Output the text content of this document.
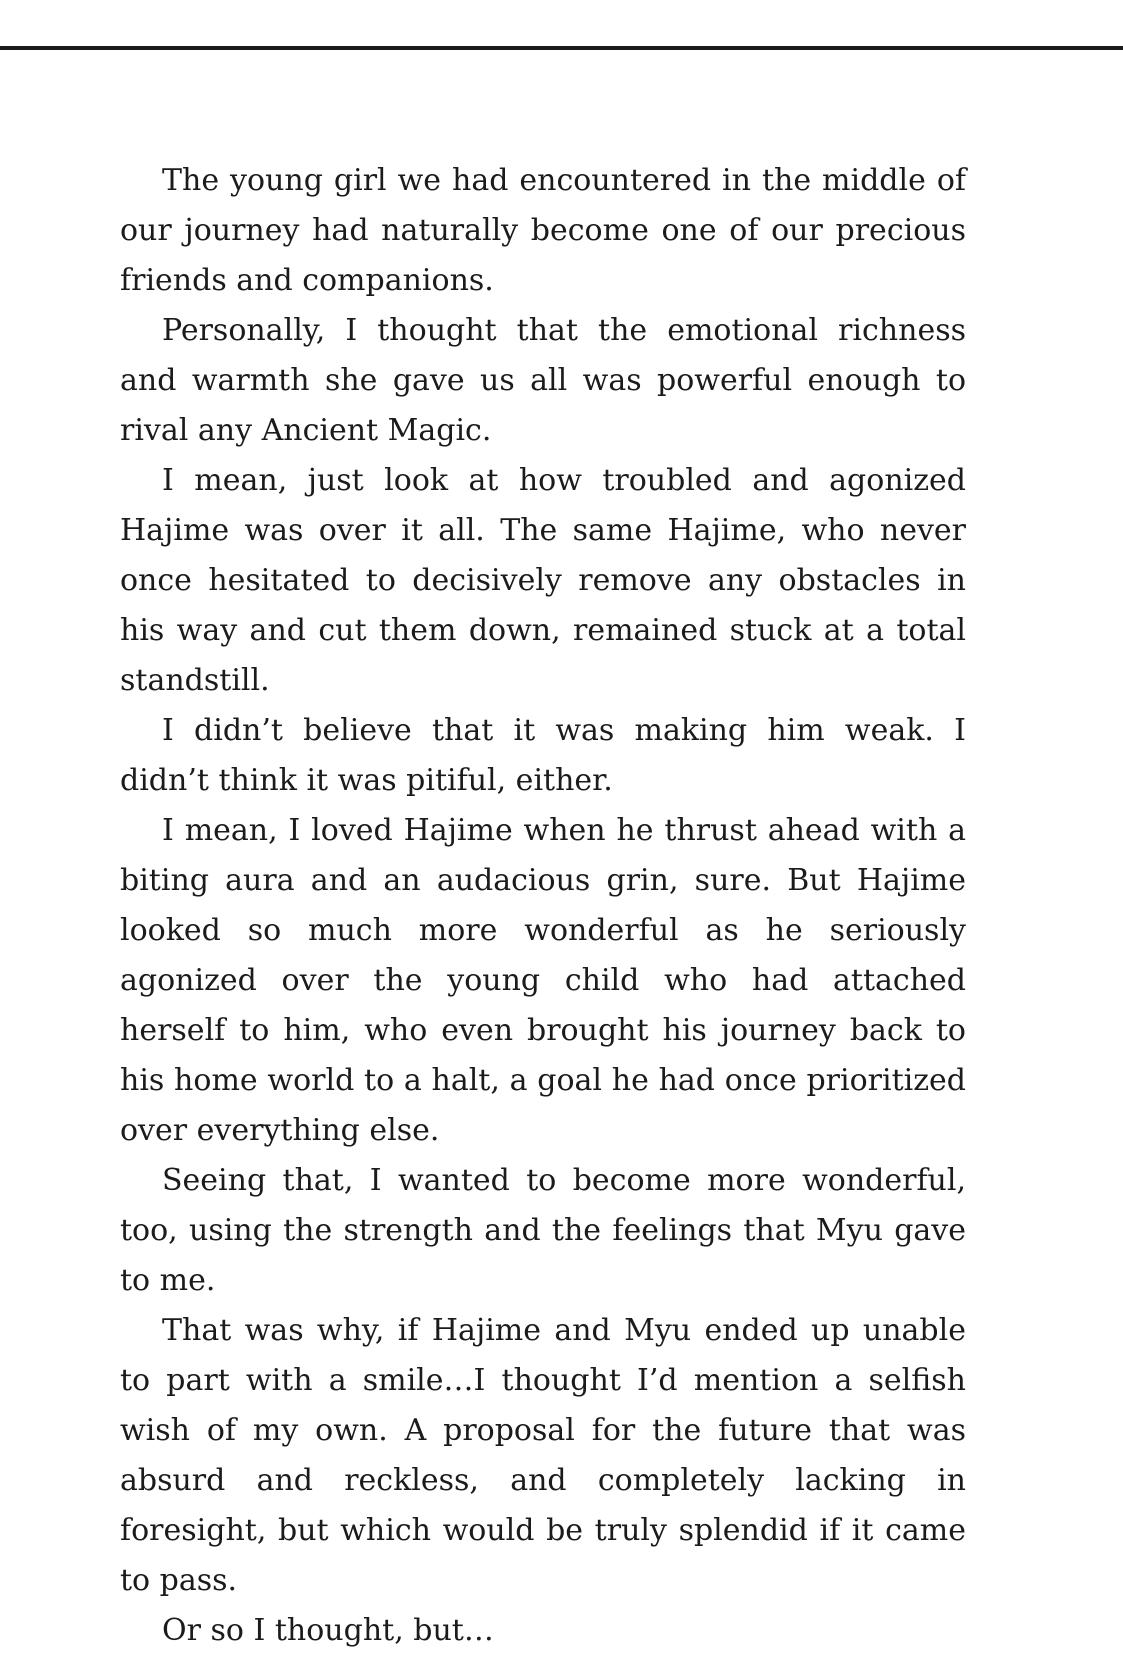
The young girl we had encountered in the middle of our journey had naturally become one of our precious friends and companions.

Personally, I thought that the emotional richness and warmth she gave us all was powerful enough to rival any Ancient Magic.

I mean, just look at how troubled and agonized Hajime was over it all. The same Hajime, who never once hesitated to decisively remove any obstacles in his way and cut them down, remained stuck at a total standstill.

I didn’t believe that it was making him weak. I didn’t think it was pitiful, either.

I mean, I loved Hajime when he thrust ahead with a biting aura and an audacious grin, sure. But Hajime looked so much more wonderful as he seriously agonized over the young child who had attached herself to him, who even brought his journey back to his home world to a halt, a goal he had once prioritized over everything else.

Seeing that, I wanted to become more wonderful, too, using the strength and the feelings that Myu gave to me.

That was why, if Hajime and Myu ended up unable to part with a smile…I thought I’d mention a selfish wish of my own. A proposal for the future that was absurd and reckless, and completely lacking in foresight, but which would be truly splendid if it came to pass.

Or so I thought, but…
